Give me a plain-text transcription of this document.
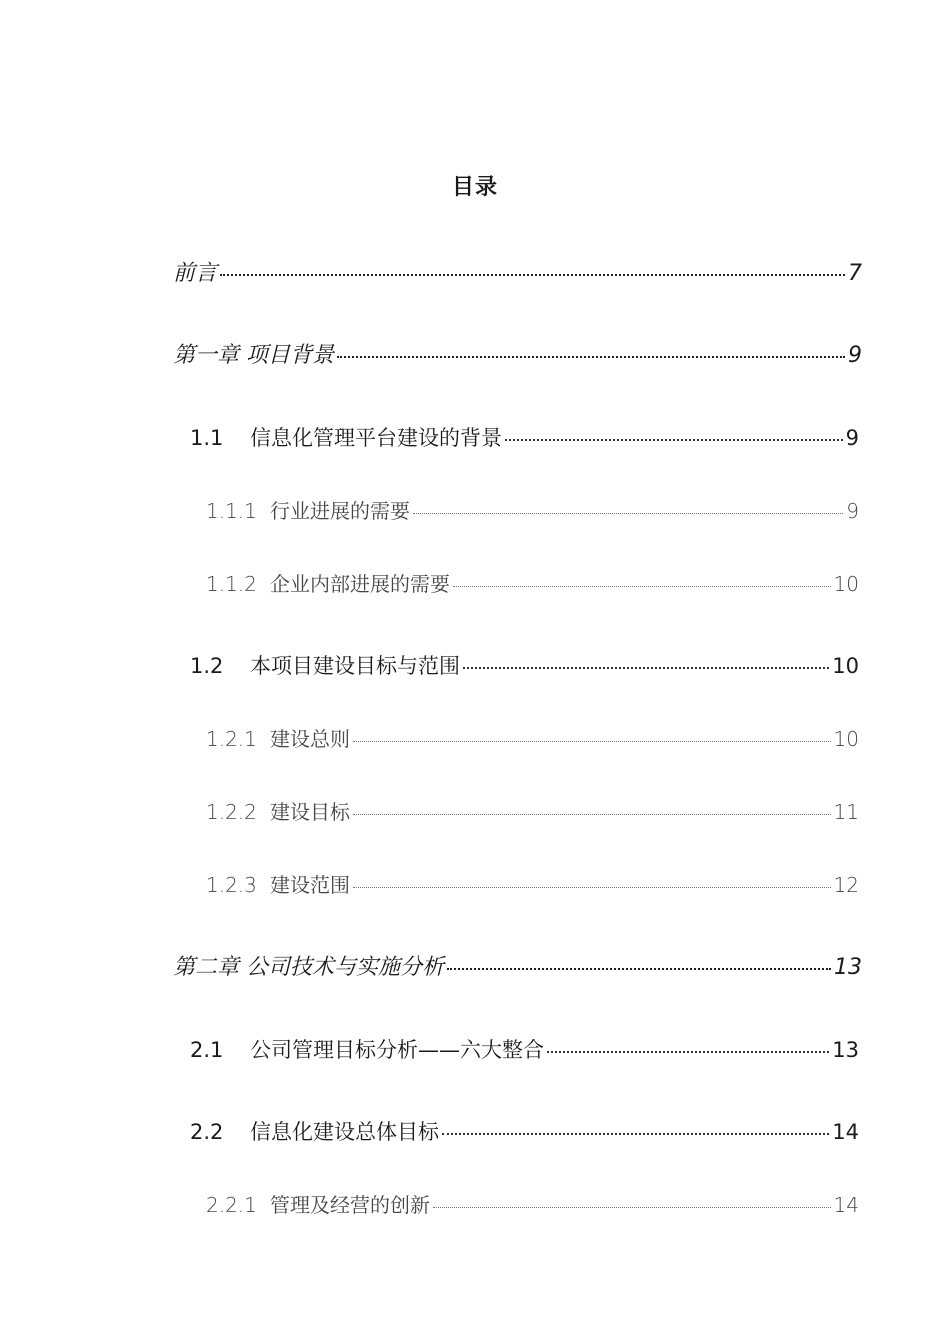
目录
前言	7
第一章 项目背景	9
1.1	信息化管理平台建设的背景	9
1.1.1 行业进展的需要	9
1.1.2 企业内部进展的需要	10
1.2	本项目建设目标与范围	10
1.2.1 建设总则	10
1.2.2 建设目标	11
1.2.3 建设范围	12
第二章 公司技术与实施分析	13
2.1	公司管理目标分析——六大整合	13
2.2	信息化建设总体目标	14
2.2.1 管理及经营的创新	14
